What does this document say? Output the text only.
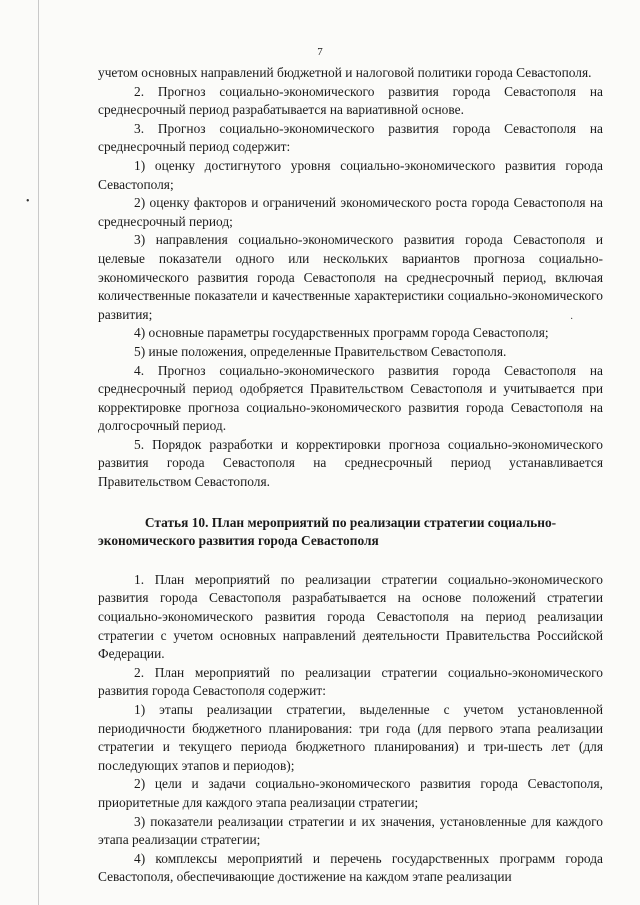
7
•
·

учетом основных направлений бюджетной и налоговой политики города Севастополя.

2. Прогноз социально-экономического развития города Севастополя на среднесрочный период разрабатывается на вариативной основе.

3. Прогноз социально-экономического развития города Севастополя на среднесрочный период содержит:

1) оценку достигнутого уровня социально-экономического развития города Севастополя;

2) оценку факторов и ограничений экономического роста города Севастополя на среднесрочный период;

3) направления социально-экономического развития города Севастополя и целевые показатели одного или нескольких вариантов прогноза социально-экономического развития города Севастополя на среднесрочный период, включая количественные показатели и качественные характеристики социально-экономического развития;

4) основные параметры государственных программ города Севастополя;

5) иные положения, определенные Правительством Севастополя.

4. Прогноз социально-экономического развития города Севастополя на среднесрочный период одобряется Правительством Севастополя и учитывается при корректировке прогноза социально-экономического развития города Севастополя на долгосрочный период.

5. Порядок разработки и корректировки прогноза социально-экономического развития города Севастополя на среднесрочный период устанавливается Правительством Севастополя.

Статья 10. План мероприятий по реализации стратегии социально-экономического развития города Севастополя

1. План мероприятий по реализации стратегии социально-экономического развития города Севастополя разрабатывается на основе положений стратегии социально-экономического развития города Севастополя на период реализации стратегии с учетом основных направлений деятельности Правительства Российской Федерации.

2. План мероприятий по реализации стратегии социально-экономического развития города Севастополя содержит:

1) этапы реализации стратегии, выделенные с учетом установленной периодичности бюджетного планирования: три года (для первого этапа реализации стратегии и текущего периода бюджетного планирования) и три-шесть лет (для последующих этапов и периодов);

2) цели и задачи социально-экономического развития города Севастополя, приоритетные для каждого этапа реализации стратегии;

3) показатели реализации стратегии и их значения, установленные для каждого этапа реализации стратегии;

4) комплексы мероприятий и перечень государственных программ города Севастополя, обеспечивающие достижение на каждом этапе реализации
